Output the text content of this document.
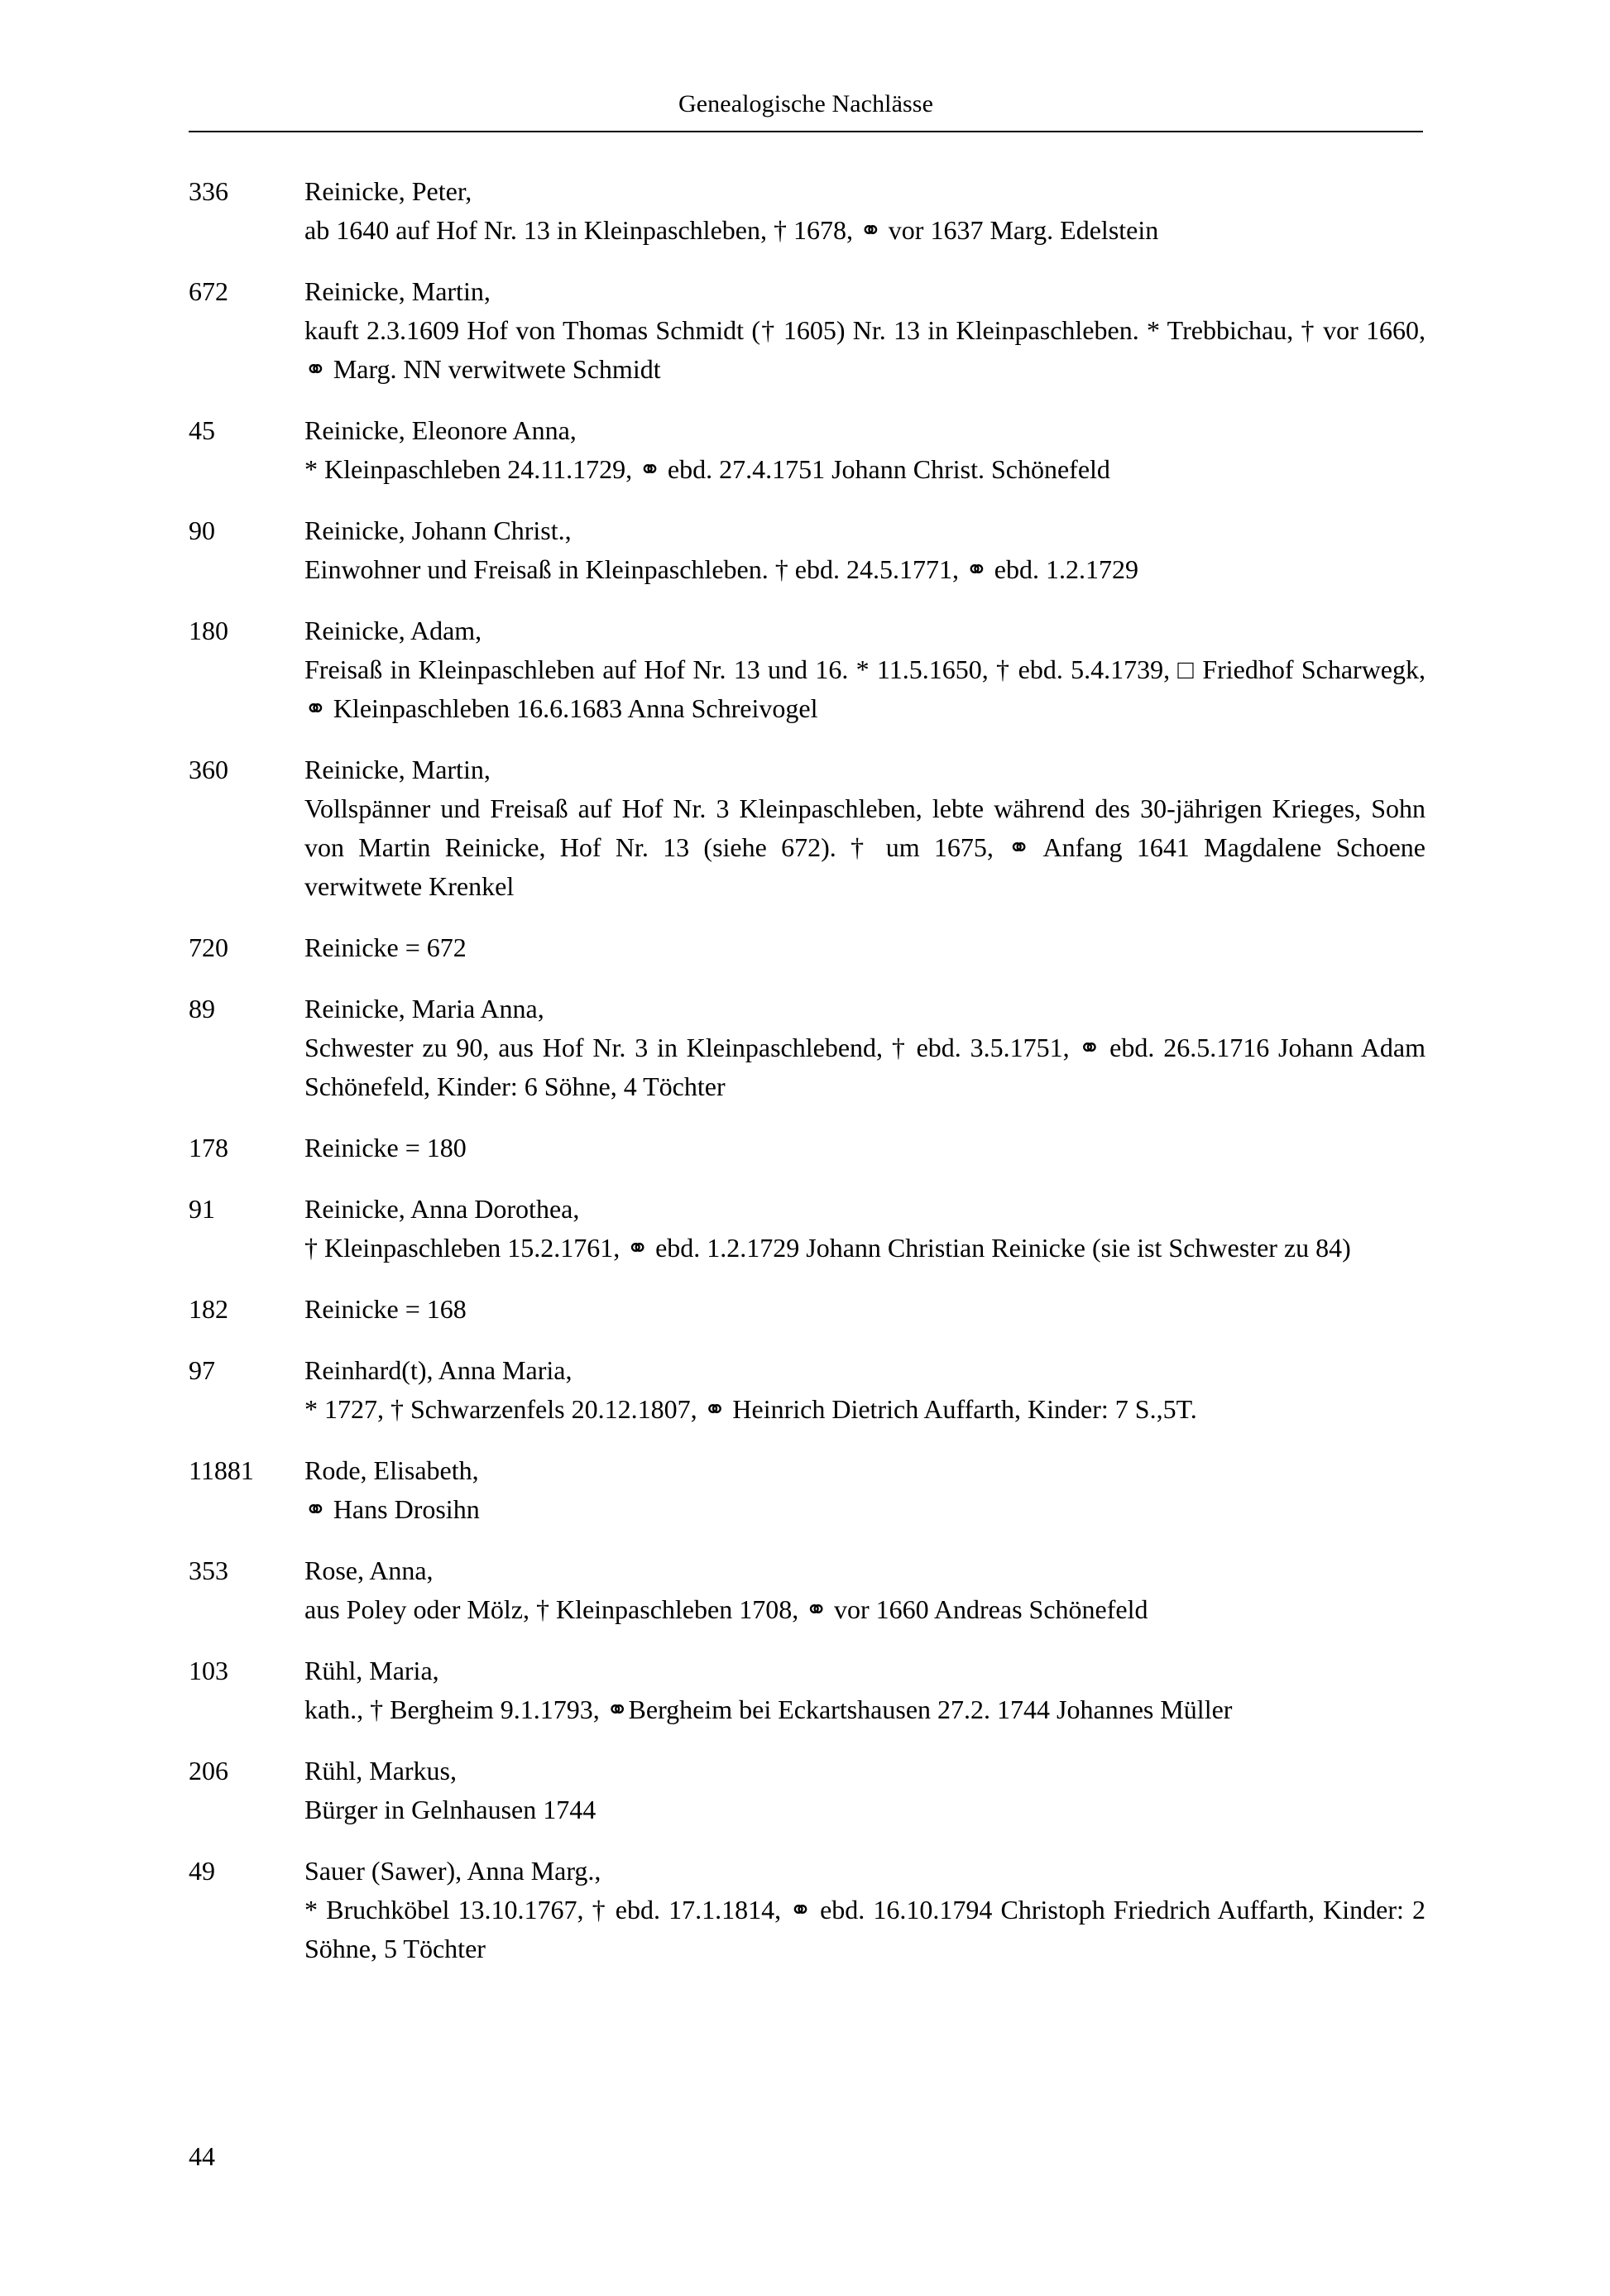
Genealogische Nachlässe
336	Reinicke, Peter,
ab 1640 auf Hof Nr. 13 in Kleinpaschleben, † 1678, ⚭ vor 1637 Marg. Edelstein
672	Reinicke, Martin,
kauft 2.3.1609 Hof von Thomas Schmidt († 1605) Nr. 13 in Kleinpaschleben. * Trebbichau, † vor 1660, ⚭ Marg. NN verwitwete Schmidt
45	Reinicke, Eleonore Anna,
* Kleinpaschleben 24.11.1729, ⚭ ebd. 27.4.1751 Johann Christ. Schönefeld
90	Reinicke, Johann Christ.,
Einwohner und Freisaß in Kleinpaschleben. † ebd. 24.5.1771, ⚭ ebd. 1.2.1729
180	Reinicke, Adam,
Freisaß in Kleinpaschleben auf Hof Nr. 13 und 16. * 11.5.1650, † ebd. 5.4.1739, □ Friedhof Scharwegk, ⚭ Kleinpaschleben 16.6.1683 Anna Schreivogel
360	Reinicke, Martin,
Vollspänner und Freisaß auf Hof Nr. 3 Kleinpaschleben, lebte während des 30-jährigen Krieges, Sohn von Martin Reinicke, Hof Nr. 13 (siehe 672). † um 1675, ⚭ Anfang 1641 Magdalene Schoene verwitwete Krenkel
720	Reinicke = 672
89	Reinicke, Maria Anna,
Schwester zu 90, aus Hof Nr. 3 in Kleinpaschlebend, † ebd. 3.5.1751, ⚭ ebd. 26.5.1716 Johann Adam Schönefeld, Kinder: 6 Söhne, 4 Töchter
178	Reinicke = 180
91	Reinicke, Anna Dorothea,
† Kleinpaschleben 15.2.1761, ⚭ ebd. 1.2.1729 Johann Christian Reinicke (sie ist Schwester zu 84)
182	Reinicke = 168
97	Reinhard(t), Anna Maria,
* 1727, † Schwarzenfels 20.12.1807, ⚭ Heinrich Dietrich Auffarth, Kinder: 7 S.,5T.
11881	Rode, Elisabeth,
⚭ Hans Drosihn
353	Rose, Anna,
aus Poley oder Mölz, † Kleinpaschleben 1708, ⚭ vor 1660 Andreas Schönefeld
103	Rühl, Maria,
kath., † Bergheim 9.1.1793, ⚭Bergheim bei Eckartshausen 27.2. 1744 Johannes Müller
206	Rühl, Markus,
Bürger in Gelnhausen 1744
49	Sauer (Sawer), Anna Marg.,
* Bruchköbel 13.10.1767, † ebd. 17.1.1814, ⚭ ebd. 16.10.1794 Christoph Friedrich Auffarth, Kinder: 2 Söhne, 5 Töchter
44
